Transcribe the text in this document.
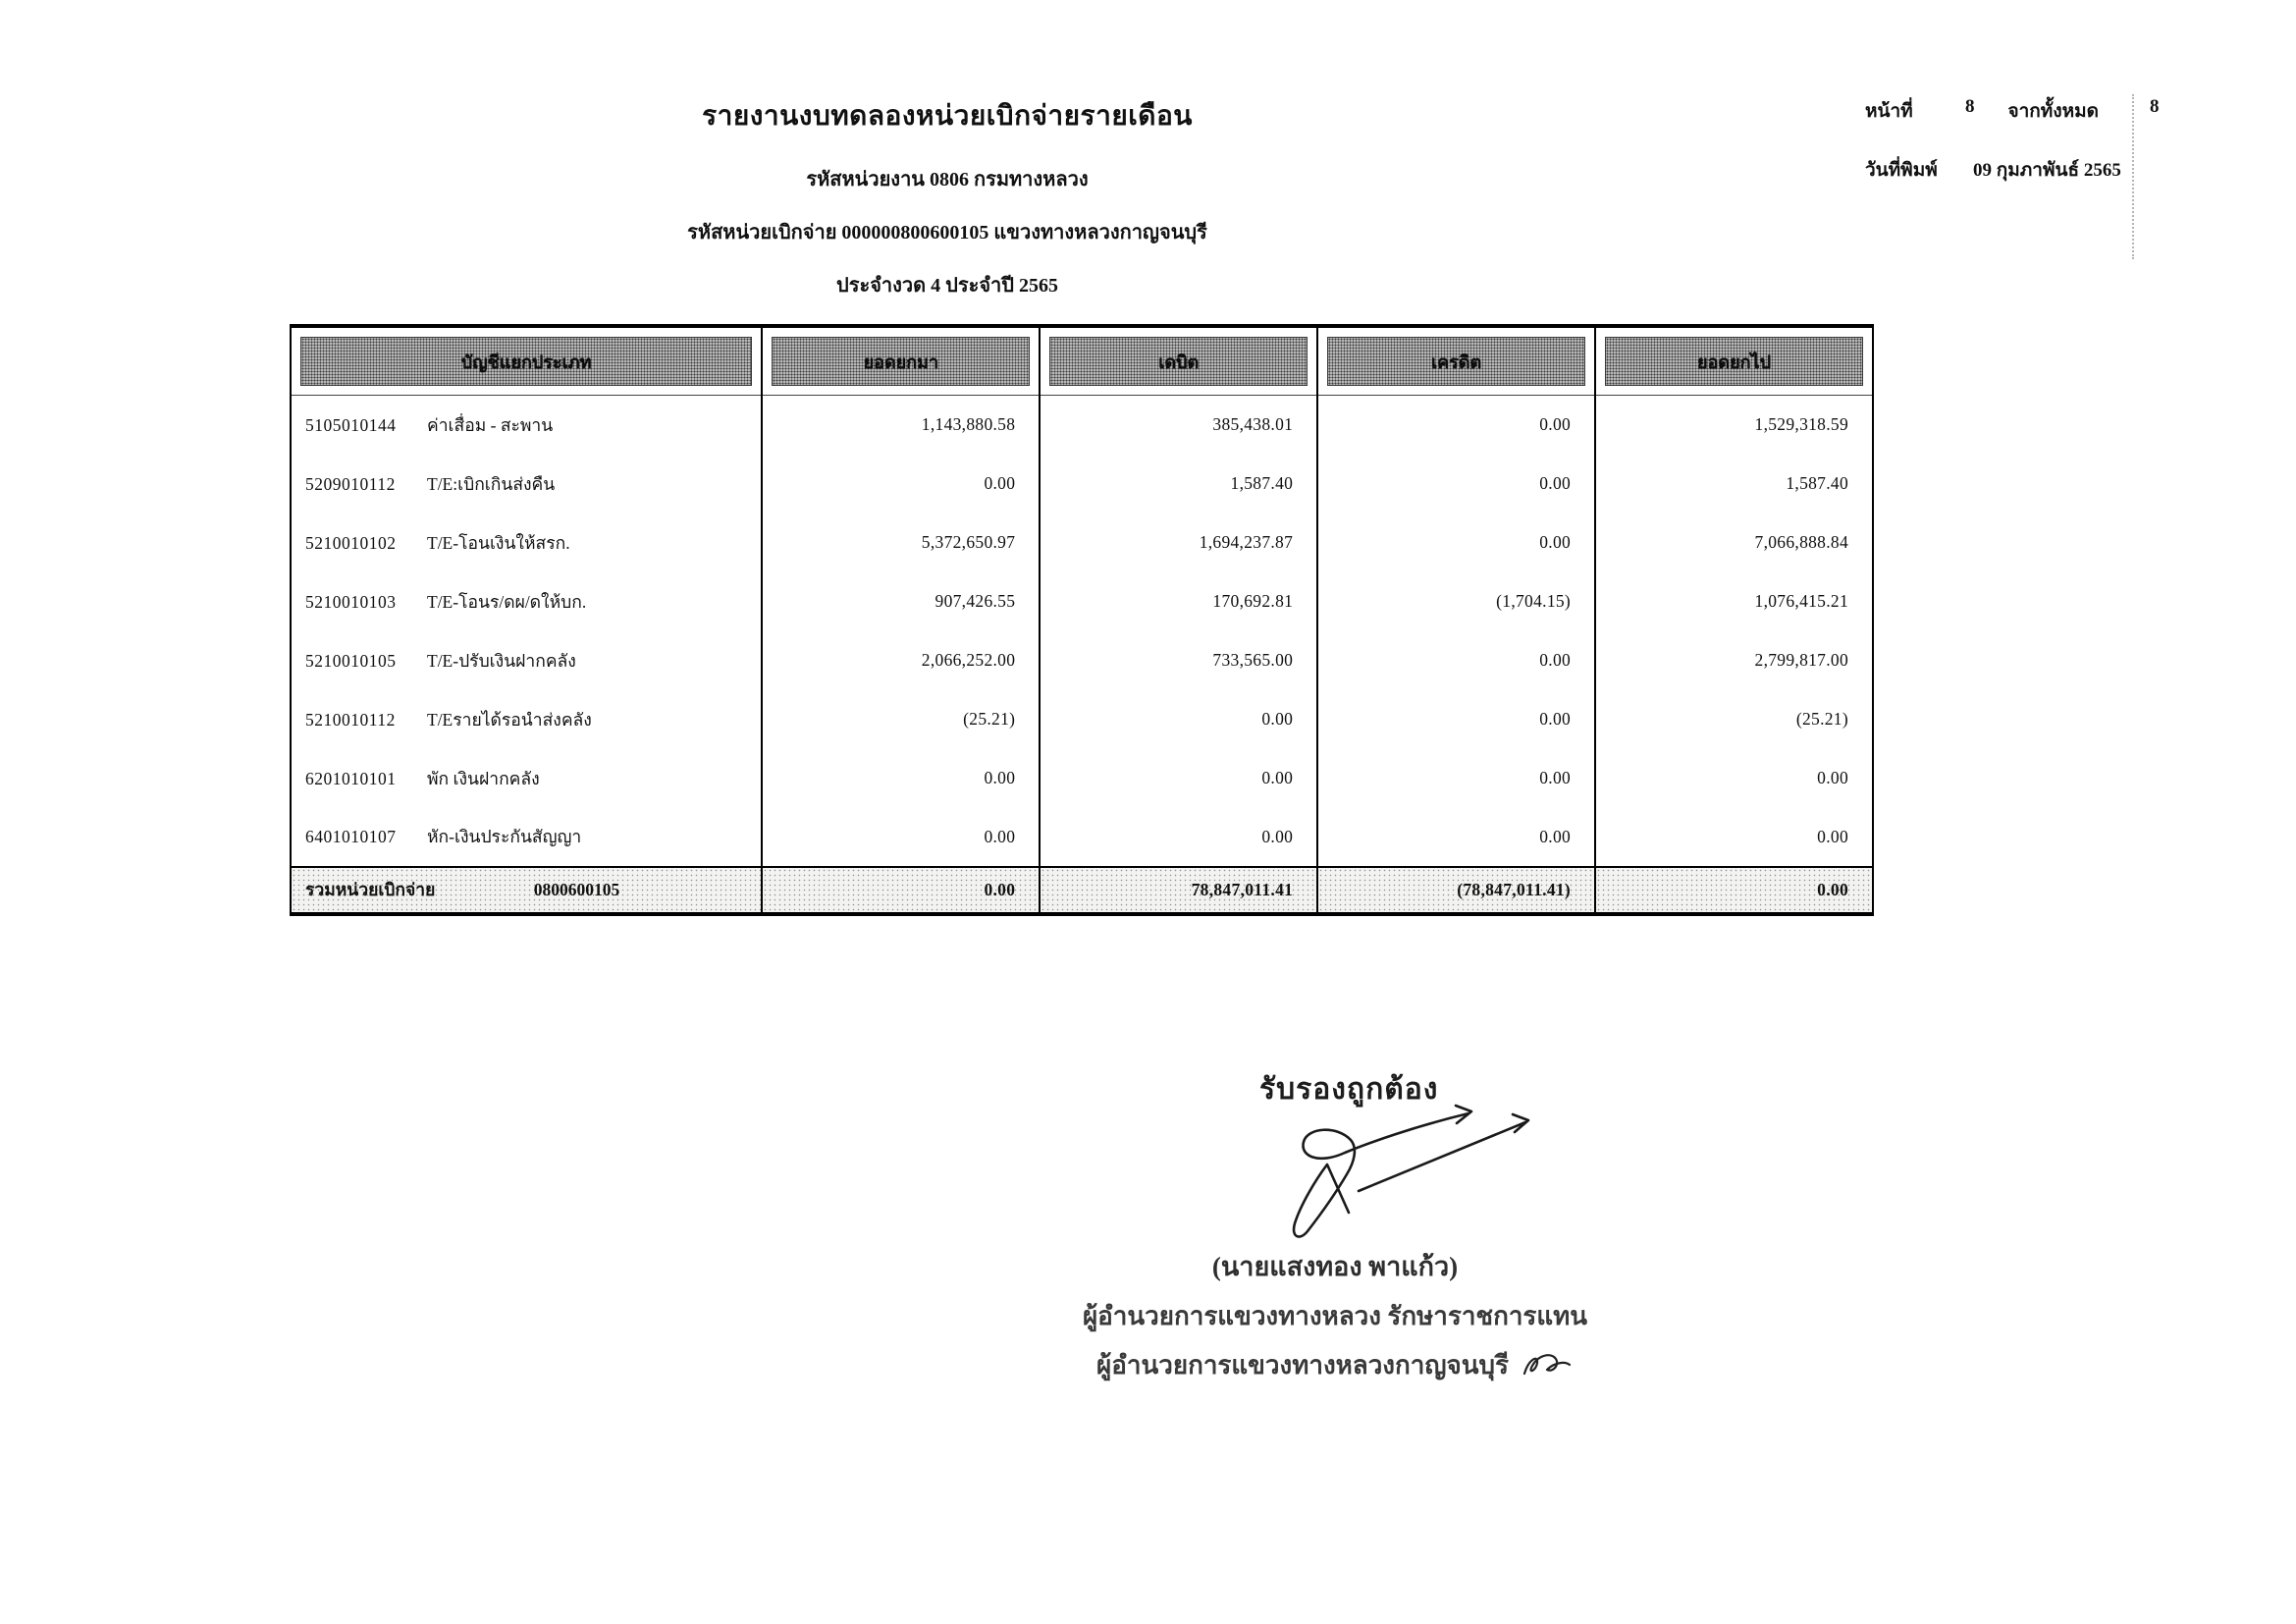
รายงานงบทดลองหน่วยเบิกจ่ายรายเดือน
รหัสหน่วยงาน 0806 กรมทางหลวง
รหัสหน่วยเบิกจ่าย 000000800600105 แขวงทางหลวงกาญจนบุรี
ประจำงวด 4 ประจำปี 2565
หน้าที่	8 จากทั้งหมด	8
วันที่พิมพ์	09 กุมภาพันธ์ 2565
บัญชีแยกประเภท	ยอดยกมา	เดบิต	เครดิต	ยอดยกไป

5105010144 ค่าเสื่อม - สะพาน	1,143,880.58	385,438.01	0.00	1,529,318.59
5209010112 T/E:เบิกเกินส่งคืน	0.00	1,587.40	0.00	1,587.40
5210010102 T/E-โอนเงินให้สรก.	5,372,650.97	1,694,237.87	0.00	7,066,888.84
5210010103 T/E-โอนร/ดผ/ดให้บก.	907,426.55	170,692.81	(1,704.15)	1,076,415.21
5210010105 T/E-ปรับเงินฝากคลัง	2,066,252.00	733,565.00	0.00	2,799,817.00
5210010112 T/Eรายได้รอนำส่งคลัง	(25.21)	0.00	0.00	(25.21)
6201010101 พัก เงินฝากคลัง	0.00	0.00	0.00	0.00
6401010107 หัก-เงินประกันสัญญา	0.00	0.00	0.00	0.00
รวมหน่วยเบิกจ่าย 0800600105	0.00	78,847,011.41	(78,847,011.41)	0.00
รับรองถูกต้อง
(นายแสงทอง พาแก้ว)
ผู้อำนวยการแขวงทางหลวง รักษาราชการแทน
ผู้อำนวยการแขวงทางหลวงกาญจนบุรี
